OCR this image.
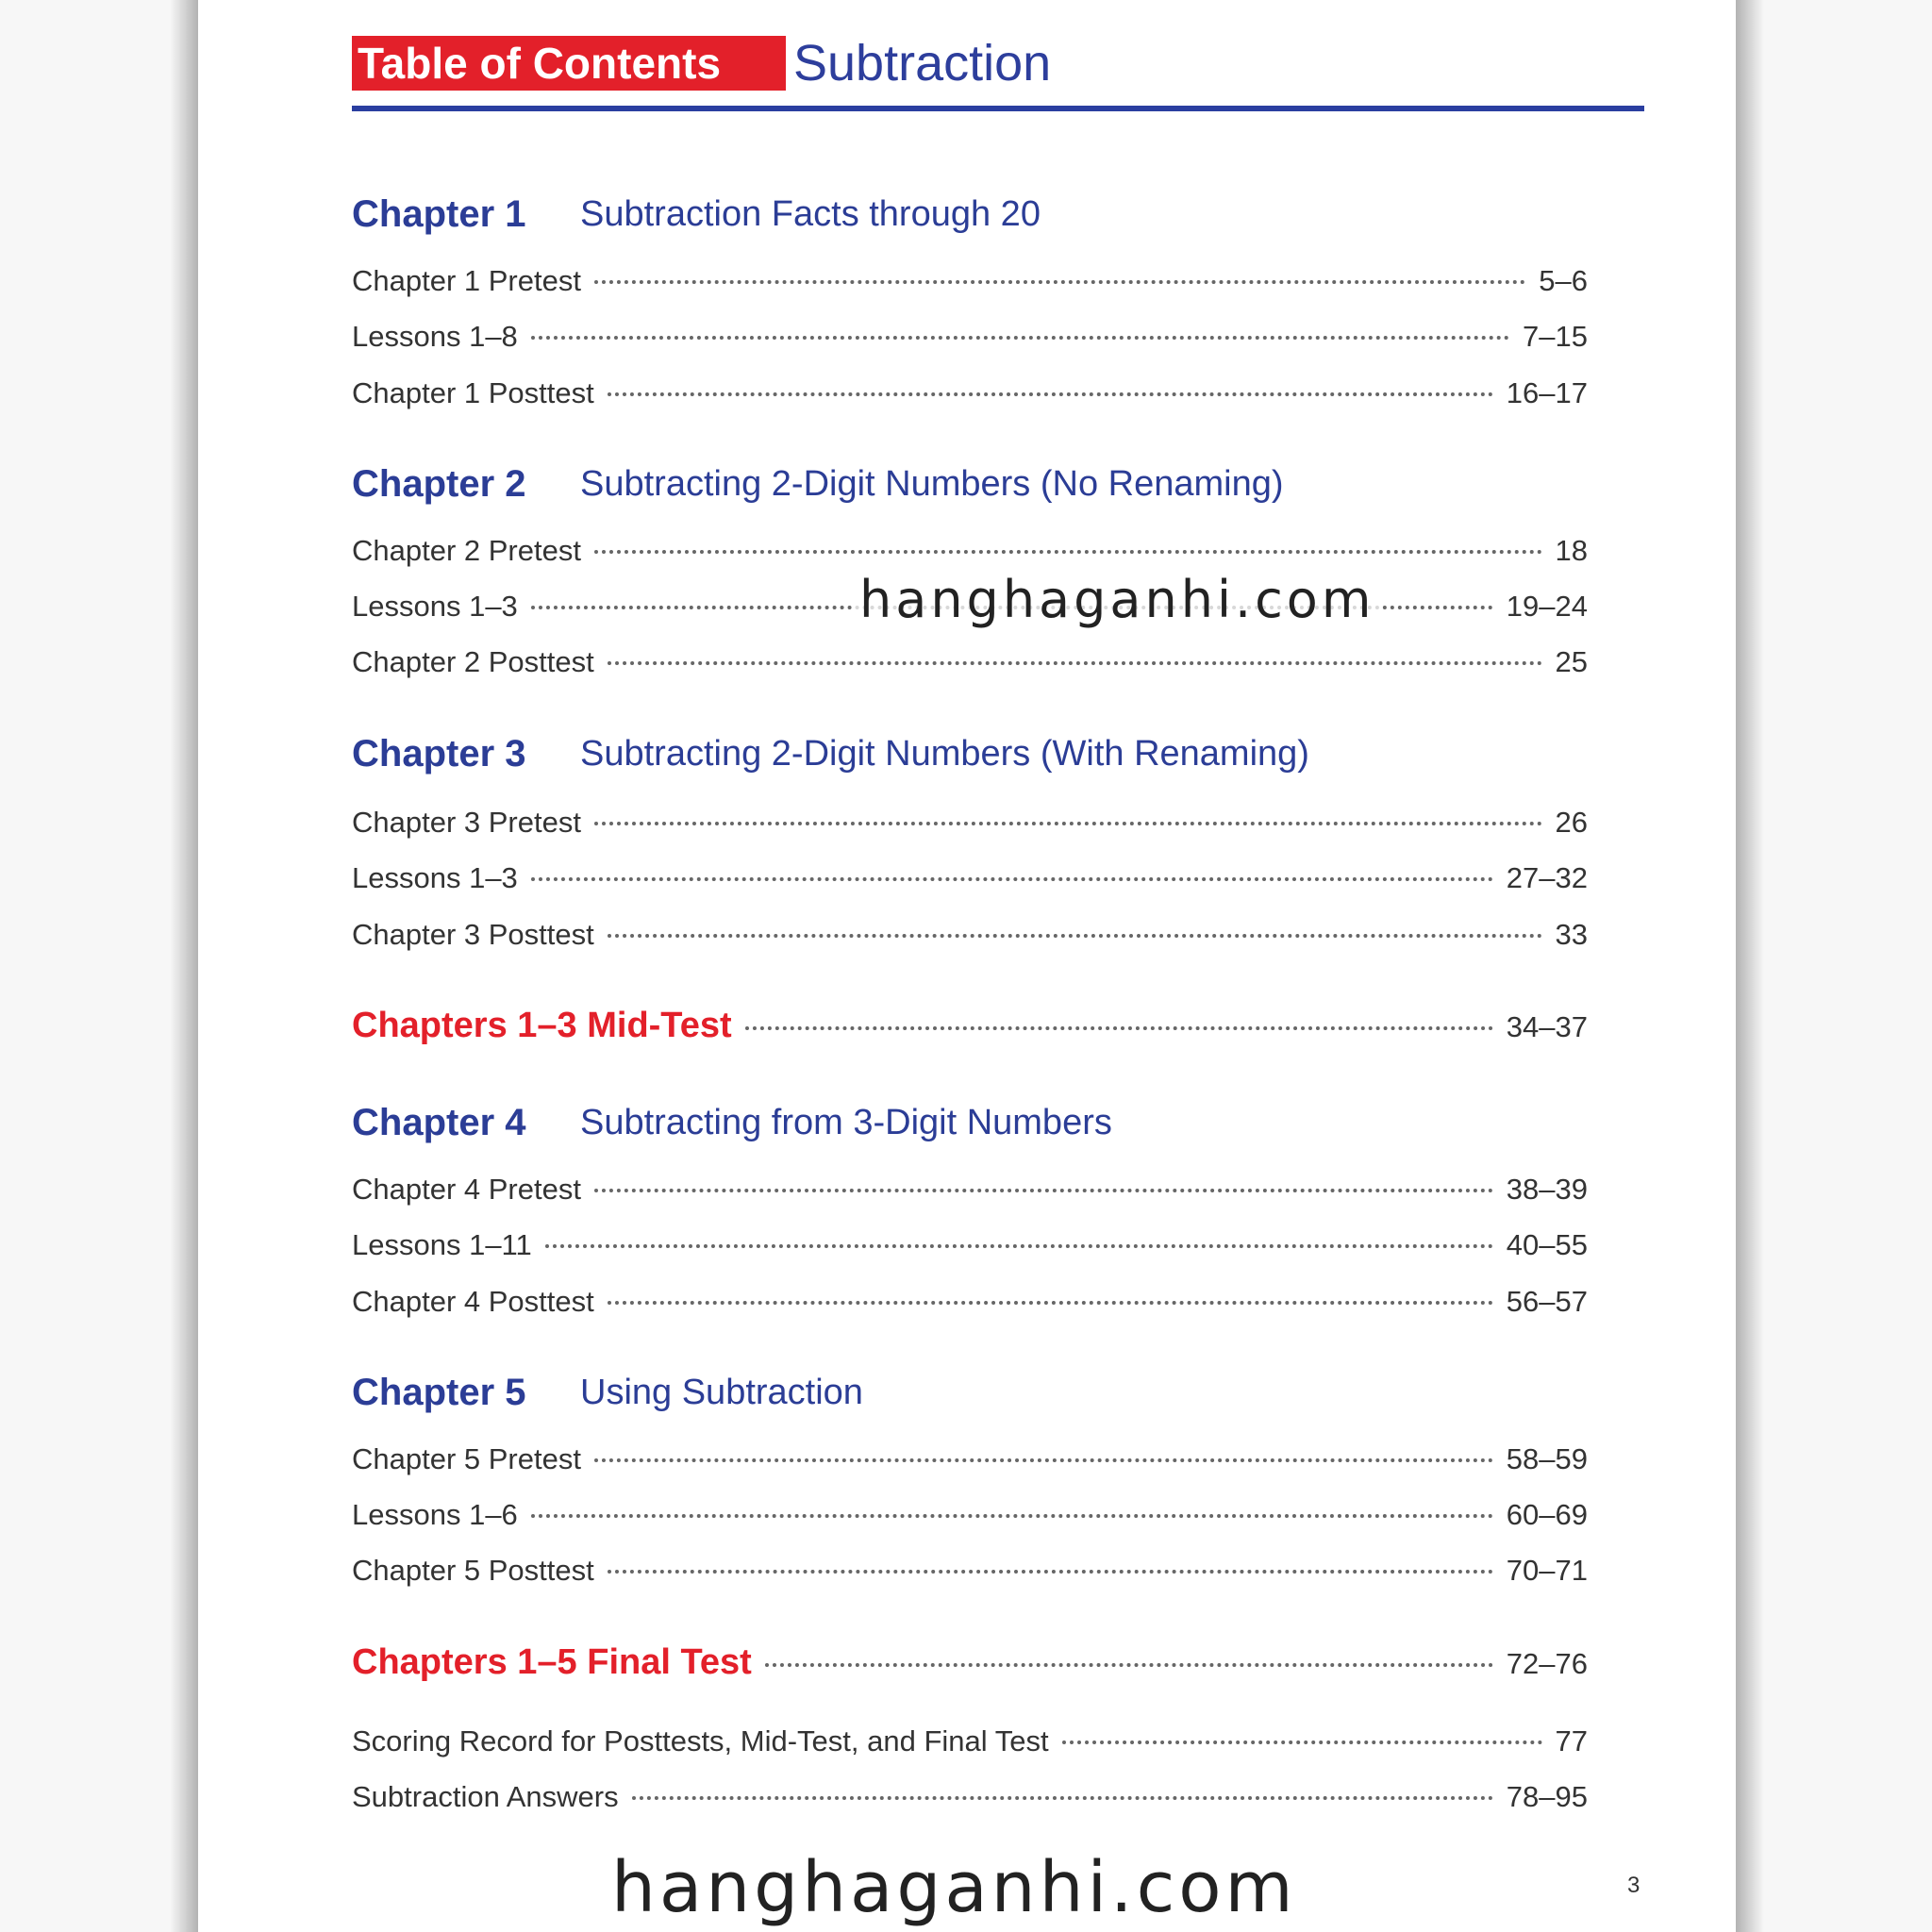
Table of Contents	Subtraction
Chapter 1 Subtraction Facts through 20
Chapter 1 Pretest	5–6
Lessons 1–8	7–15
Chapter 1 Posttest	16–17
Chapter 2 Subtracting 2-Digit Numbers (No Renaming)
Chapter 2 Pretest	18
Lessons 1–3	19–24
Chapter 2 Posttest	25
Chapter 3 Subtracting 2-Digit Numbers (With Renaming)
Chapter 3 Pretest	26
Lessons 1–3	27–32
Chapter 3 Posttest	33
Chapters 1–3 Mid-Test	34–37
Chapter 4 Subtracting from 3-Digit Numbers
Chapter 4 Pretest	38–39
Lessons 1–11	40–55
Chapter 4 Posttest	56–57
Chapter 5 Using Subtraction
Chapter 5 Pretest	58–59
Lessons 1–6	60–69
Chapter 5 Posttest	70–71
Chapters 1–5 Final Test	72–76
Scoring Record for Posttests, Mid-Test, and Final Test	77
Subtraction Answers	78–95
3
hanghaganhi.com
hanghaganhi.com
